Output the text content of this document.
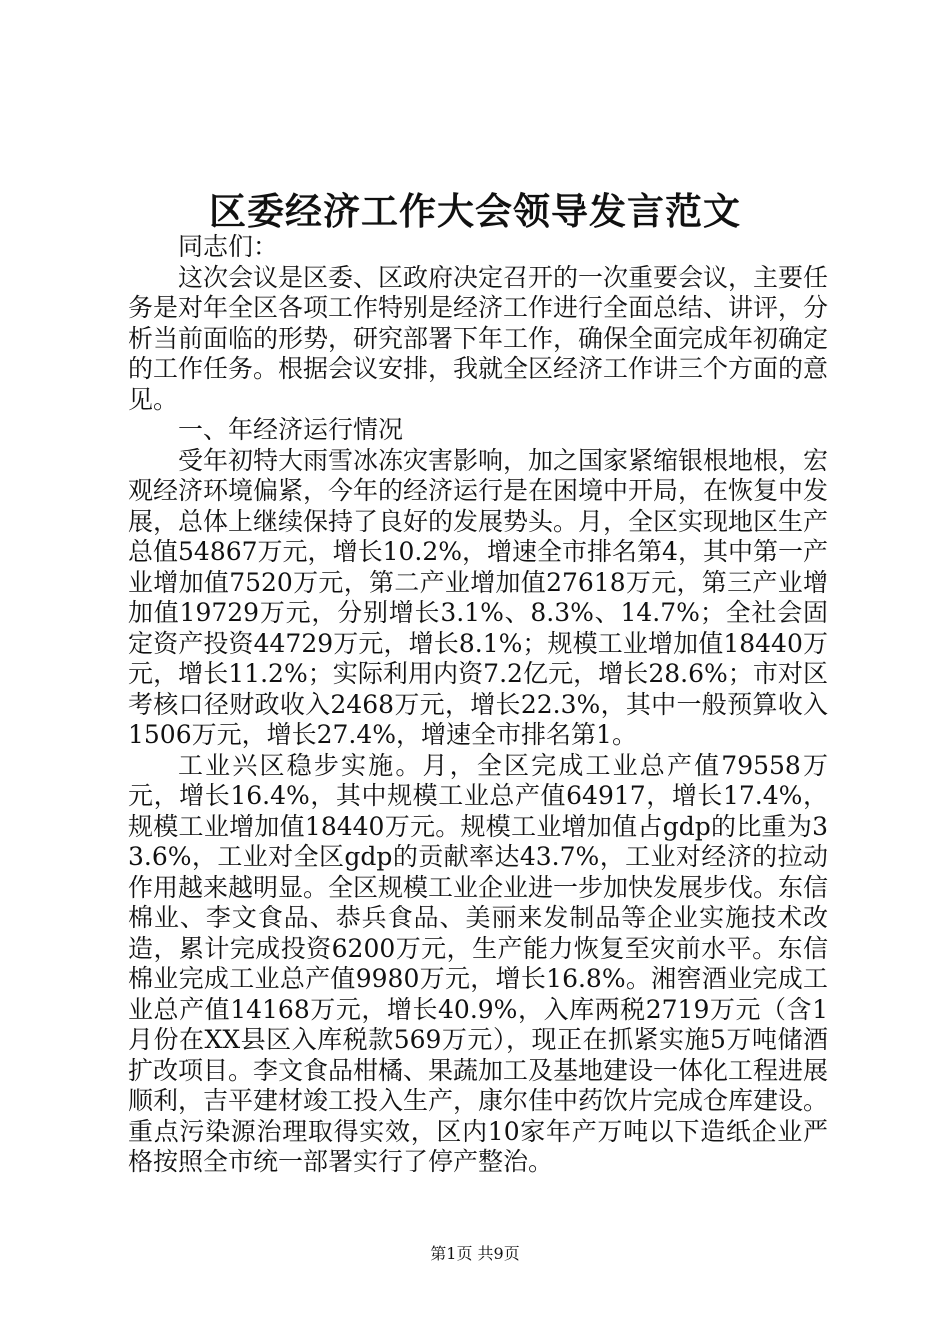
区委经济工作大会领导发言范文

同志们：

这次会议是区委、区政府决定召开的一次重要会议，主要任务是对年全区各项工作特别是经济工作进行全面总结、讲评，分析当前面临的形势，研究部署下年工作，确保全面完成年初确定的工作任务。根据会议安排，我就全区经济工作讲三个方面的意见。

一、年经济运行情况

受年初特大雨雪冰冻灾害影响，加之国家紧缩银根地根，宏观经济环境偏紧，今年的经济运行是在困境中开局，在恢复中发展，总体上继续保持了良好的发展势头。月，全区实现地区生产总值54867万元，增长10.2%，增速全市排名第4，其中第一产业增加值7520万元，第二产业增加值27618万元，第三产业增加值19729万元，分别增长3.1%、8.3%、14.7%；全社会固定资产投资44729万元，增长8.1%；规模工业增加值18440万元，增长11.2%；实际利用内资7.2亿元，增长28.6%；市对区考核口径财政收入2468万元，增长22.3%，其中一般预算收入1506万元，增长27.4%，增速全市排名第1。

工业兴区稳步实施。月，全区完成工业总产值79558万元，增长16.4%，其中规模工业总产值64917，增长17.4%，规模工业增加值18440万元。规模工业增加值占gdp的比重为33.6%，工业对全区gdp的贡献率达43.7%，工业对经济的拉动作用越来越明显。全区规模工业企业进一步加快发展步伐。东信棉业、李文食品、恭兵食品、美丽来发制品等企业实施技术改造，累计完成投资6200万元，生产能力恢复至灾前水平。东信棉业完成工业总产值9980万元，增长16.8%。湘窖酒业完成工业总产值14168万元，增长40.9%，入库两税2719万元（含1月份在XX县区入库税款569万元），现正在抓紧实施5万吨储酒扩改项目。李文食品柑橘、果蔬加工及基地建设一体化工程进展顺利，吉平建材竣工投入生产，康尔佳中药饮片完成仓库建设。重点污染源治理取得实效，区内10家年产万吨以下造纸企业严格按照全市统一部署实行了停产整治。

第1页 共9页
